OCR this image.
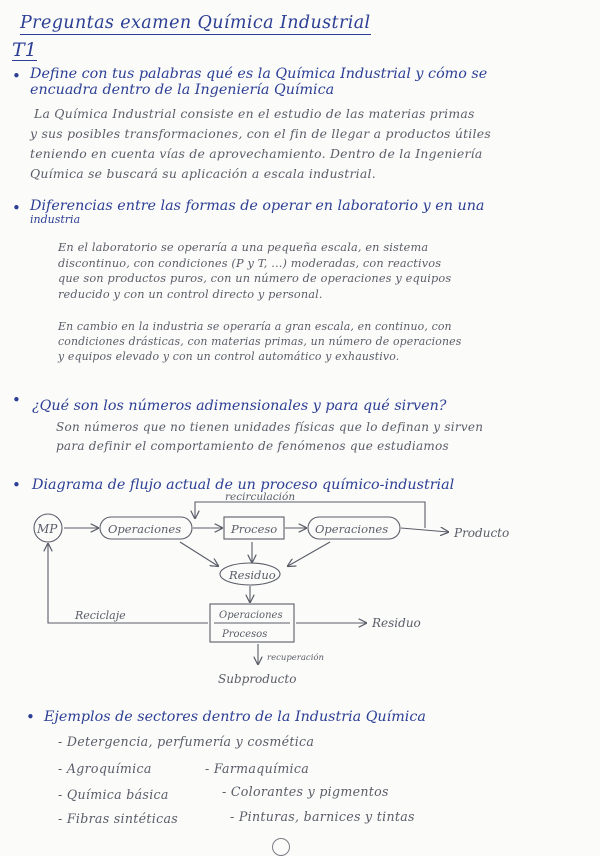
Preguntas examen Química Industrial
T1
• Define con tus palabras qué es la Química Industrial y cómo se
encuadra dentro de la Ingeniería Química
La Química Industrial consiste en el estudio de las materias primas
y sus posibles transformaciones, con el fin de llegar a productos útiles
teniendo en cuenta vías de aprovechamiento. Dentro de la Ingeniería
Química se buscará su aplicación a escala industrial.
• Diferencias entre las formas de operar en laboratorio y en una
industria
En el laboratorio se operaría a una pequeña escala, en sistema
discontinuo, con condiciones (P y T, ...) moderadas, con reactivos
que son productos puros, con un número de operaciones y equipos
reducido y con un control directo y personal.
En cambio en la industria se operaría a gran escala, en continuo, con
condiciones drásticas, con materias primas, un número de operaciones
y equipos elevado y con un control automático y exhaustivo.
• ¿Qué son los números adimensionales y para qué sirven?
Son números que no tienen unidades físicas que lo definan y sirven
para definir el comportamiento de fenómenos que estudiamos
• Diagrama de flujo actual de un proceso químico-industrial
recirculación
MP	Operaciones	Proceso	Operaciones	Producto
Residuo
Operaciones
Procesos
Residuo
Reciclaje
recuperación
Subproducto
• Ejemplos de sectores dentro de la Industria Química
- Detergencia, perfumería y cosmética
- Agroquímica	- Farmaquímica
- Química básica	- Colorantes y pigmentos
- Fibras sintéticas	- Pinturas, barnices y tintas
